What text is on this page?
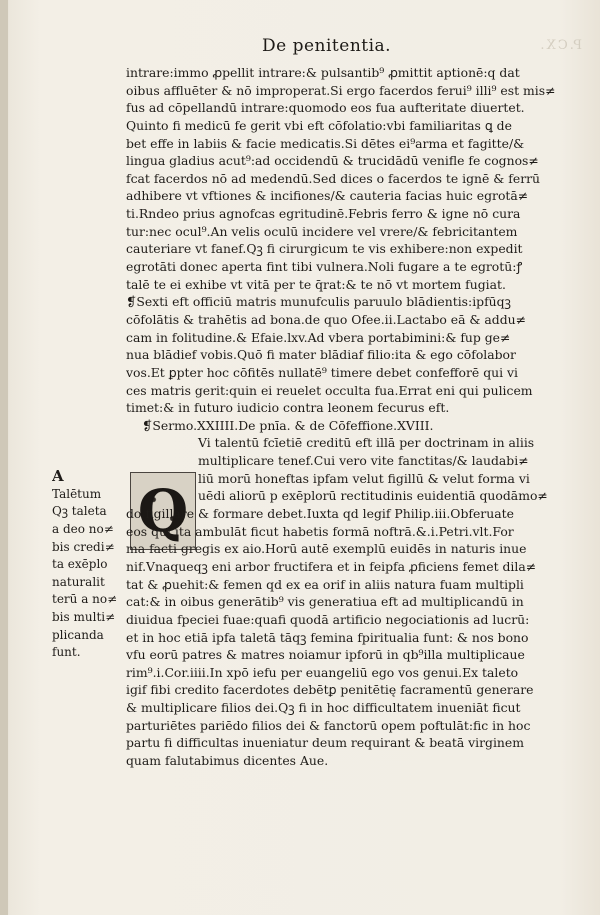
P.CX.
De penitentia.
Q
A
Talētum
Qꝫ taleta
a deo no≠
bis credi≠
ta exēplo
naturalit
terū a no≠
bis multi≠
plicanda
funt.
intrare:immo ꝓpellit intrare:& pulsantib⁹ ꝓmittit aptionē:q dat
oibus affluēter & nō improperat.Si ergo facerdos ferui⁹ illi⁹ est mis≠
fus ad cōpellandū intrare:quomodo eos fua aufteritate diuertet.
Quinto fi medicū fe gerit vbi eft cōfolatio:vbi familiaritas ꝗ de
bet effe in labiis & facie medicatis.Si dētes ei⁹arma et fagitte/&
lingua gladius acut⁹:ad occidendū & trucidādū venifle fe cognos≠
fcat facerdos nō ad medendū.Sed dices o facerdos te ignē & ferrū
adhibere vt vftiones & incifiones/& cauteria facias huic egrotā≠
ti.Rndeo prius agnofcas egritudinē.Febris ferro & igne nō cura
tur:nec ocul⁹.An velis oculū incidere vel vrere/& febricitantem
cauteriare vt fanef.Qꝫ fi cirurgicum te vis exhibere:non expedit
egrotāti donec aperta fint tibi vulnera.Noli fugare a te egrotū:ꝭ
talē te ei exhibe vt vitā per te q̄rat:& te nō vt mortem fugiat.
❡Sexti eft officiū matris munufculis paruulo blādientis:ipfūqꝫ
cōfolātis & trahētis ad bona.de quo Ofee.ii.Lactabo eā & addu≠
cam in folitudine.& Efaie.lxv.Ad vbera portabimini:& fup ge≠
nua blādief vobis.Quō fi mater blādiaf filio:ita & ego cōfolabor
vos.Et ꝑpter hoc cōfitēs nullatē⁹ timere debet confefforē qui vi
ces matris gerit:quin ei reuelet occulta fua.Errat eni qui pulicem
timet:& in futuro iudicio contra leonem fecurus eft.
❡Sermo.XXIIII.De pnīa. & de Cōfeffione.XVIII.
Vi talentū fcīetiē creditū eft illā per doctrinam in aliis
multiplicare tenef.Cui vero vite fanctitas/& laudabi≠
liū morū honeftas ipfam velut figillū & velut forma vi
uēdi aliorū p exēplorū rectitudinis euidentiā quodāmo≠
do figillare & formare debet.Iuxta qd legif Philip.iii.Obferuate
eos qui ita ambulāt ficut habetis formā noftrā.&.i.Petri.vlt.For
ma facti gregis ex aio.Horū autē exemplū euidēs in naturis inue
nif.Vnaqueqꝫ eni arbor fructifera et in feipfa ꝓficiens femet dila≠
tat & ꝓuehit:& femen qd ex ea orif in aliis natura fuam multipli
cat:& in oibus generātib⁹ vis generatiua eft ad multiplicandū in
diuidua fpeciei fuae:quafi quodā artificio negociationis ad lucrū:
et in hoc etiā ipfa taletā tāqꝫ femina fpiritualia funt: & nos bono
vfu eorū patres & matres noiamur ipforū in qb⁹illa multiplicaue
rim⁹.i.Cor.iiii.In xpō iefu per euangeliū ego vos genui.Ex taleto
igif fibi credito facerdotes debētꝑ penitētię facramentū generare
& multiplicare filios dei.Qꝫ fi in hoc difficultatem inueniāt ficut
parturiētes pariēdo filios dei & fanctorū opem poftulāt:fic in hoc
partu fi difficultas inueniatur deum requirant & beatā virginem
quam falutabimus dicentes Aue.
